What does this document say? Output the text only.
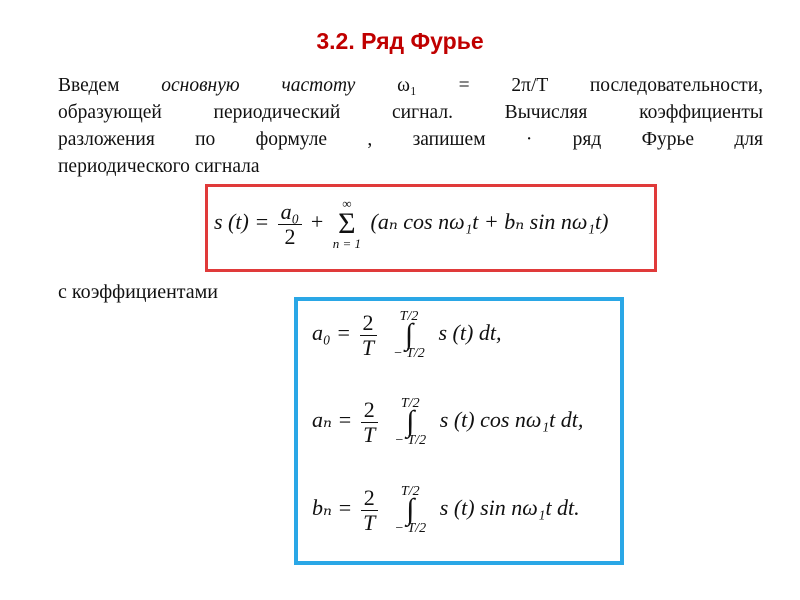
3.2. Ряд Фурье
Введем основную частоту ω₁ = 2π/T последовательности,
образующей периодический сигнал. Вычисляя коэффициенты
разложения по формуле , запишем · ряд Фурье для
периодического сигнала
s $(t) = \frac{\text{a₀}}{2}$ +
∞
Σ
n = 1
(aₙ cos nω₁t + bₙ sin nω₁t)
с коэффициентами
$a_0 = \frac{2}{T}$
	T/2
∫
− T/2
s (t) dt,
$a_n = \frac{2}{T}$
	T/2
∫
− T/2
s (t) cos nω₁t dt,
$b_n = \frac{2}{T}$
	T/2
∫
− T/2
s (t) sin nω₁t dt.
